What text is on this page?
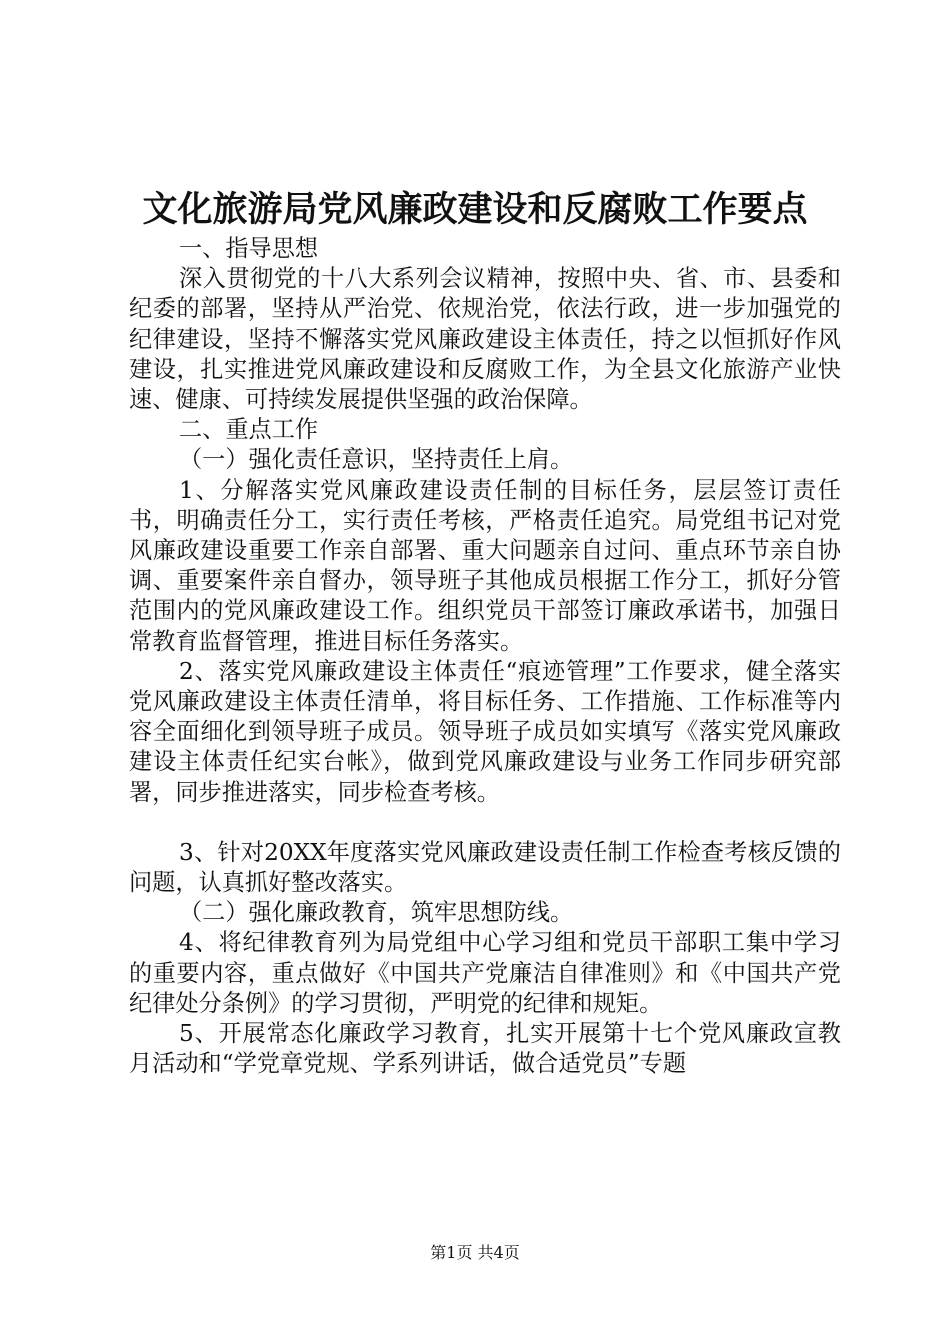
文化旅游局党风廉政建设和反腐败工作要点

一、指导思想

深入贯彻党的十八大系列会议精神，按照中央、省、市、县委和纪委的部署，坚持从严治党、依规治党，依法行政，进一步加强党的纪律建设，坚持不懈落实党风廉政建设主体责任，持之以恒抓好作风建设，扎实推进党风廉政建设和反腐败工作，为全县文化旅游产业快速、健康、可持续发展提供坚强的政治保障。

二、重点工作

（一）强化责任意识，坚持责任上肩。

1、分解落实党风廉政建设责任制的目标任务，层层签订责任书，明确责任分工，实行责任考核，严格责任追究。局党组书记对党风廉政建设重要工作亲自部署、重大问题亲自过问、重点环节亲自协调、重要案件亲自督办，领导班子其他成员根据工作分工，抓好分管范围内的党风廉政建设工作。组织党员干部签订廉政承诺书，加强日常教育监督管理，推进目标任务落实。

2、落实党风廉政建设主体责任“痕迹管理”工作要求，健全落实党风廉政建设主体责任清单，将目标任务、工作措施、工作标准等内容全面细化到领导班子成员。领导班子成员如实填写《落实党风廉政建设主体责任纪实台帐》，做到党风廉政建设与业务工作同步研究部署，同步推进落实，同步检查考核。

3、针对20XX年度落实党风廉政建设责任制工作检查考核反馈的问题，认真抓好整改落实。

（二）强化廉政教育，筑牢思想防线。

4、将纪律教育列为局党组中心学习组和党员干部职工集中学习的重要内容，重点做好《中国共产党廉洁自律准则》和《中国共产党纪律处分条例》的学习贯彻，严明党的纪律和规矩。

5、开展常态化廉政学习教育，扎实开展第十七个党风廉政宣教月活动和“学党章党规、学系列讲话，做合适党员”专题

第1页 共4页
